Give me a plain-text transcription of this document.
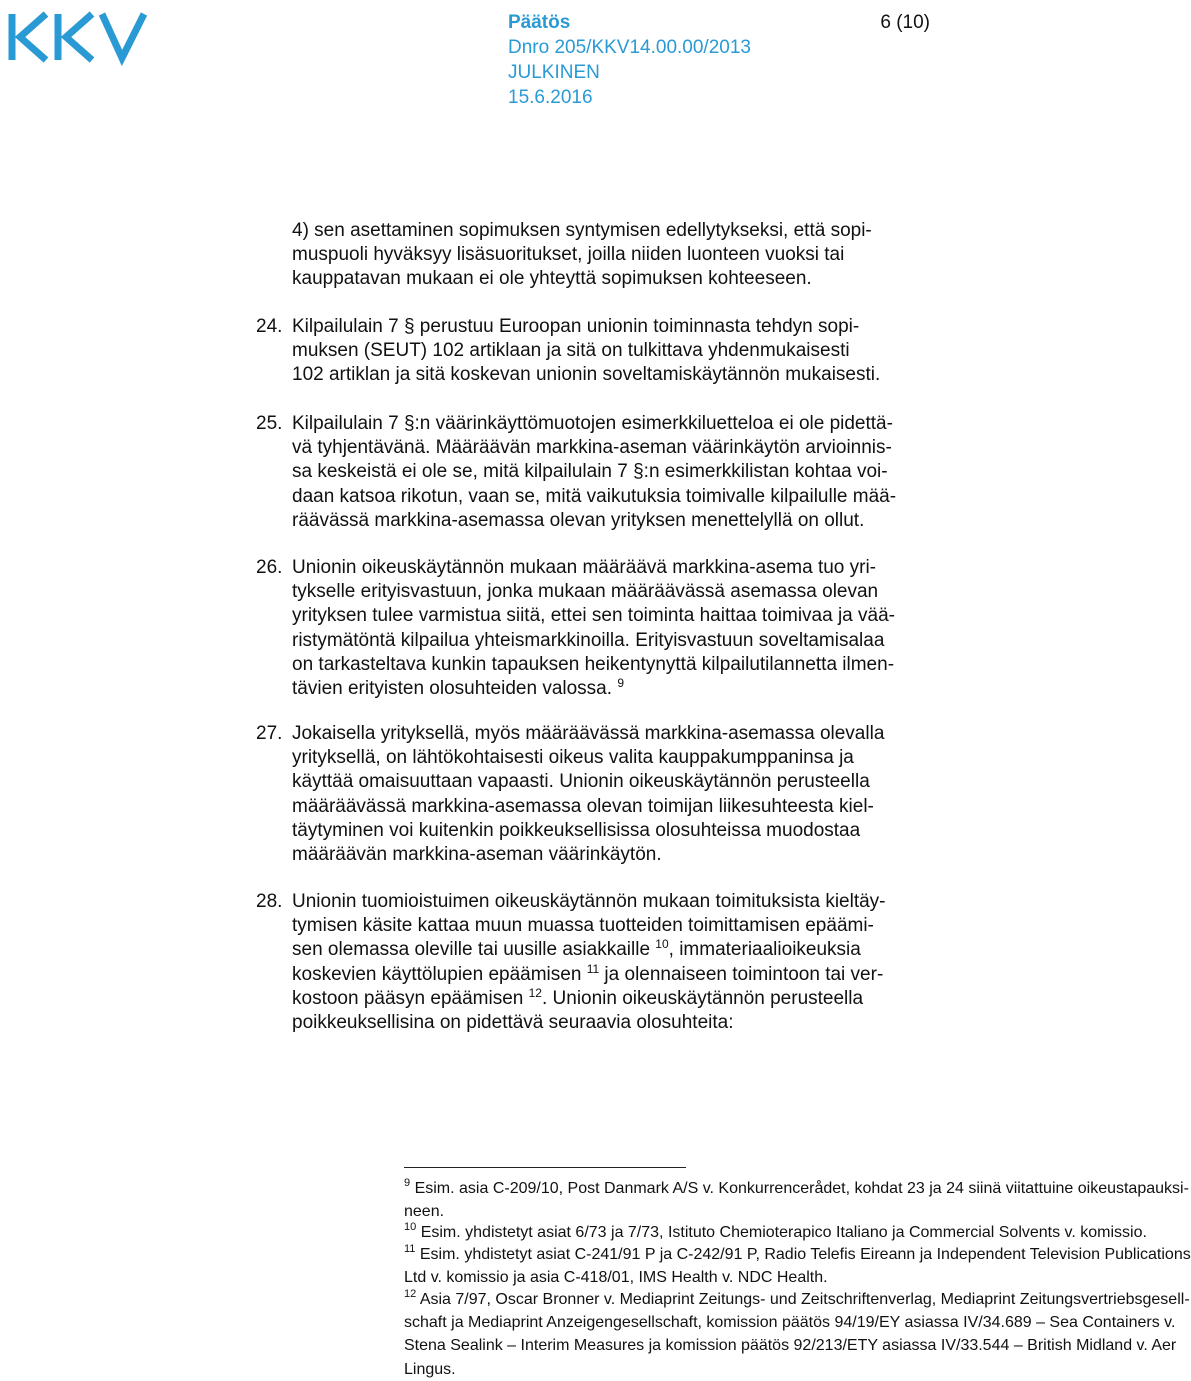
Päätös	6 (10)
Dnro 205/KKV14.00.00/2013
JULKINEN
15.6.2016
4) sen asettaminen sopimuksen syntymisen edellytykseksi, että sopi-
muspuoli hyväksyy lisäsuoritukset, joilla niiden luonteen vuoksi tai
kauppatavan mukaan ei ole yhteyttä sopimuksen kohteeseen.
24. Kilpailulain 7 § perustuu Euroopan unionin toiminnasta tehdyn sopi-
muksen (SEUT) 102 artiklaan ja sitä on tulkittava yhdenmukaisesti
102 artiklan ja sitä koskevan unionin soveltamiskäytännön mukaisesti.
25. Kilpailulain 7 §:n väärinkäyttömuotojen esimerkkiluetteloa ei ole pidettä-
vä tyhjentävänä. Määräävän markkina-aseman väärinkäytön arvioinnis-
sa keskeistä ei ole se, mitä kilpailulain 7 §:n esimerkkilistan kohtaa voi-
daan katsoa rikotun, vaan se, mitä vaikutuksia toimivalle kilpailulle mää-
räävässä markkina-asemassa olevan yrityksen menettelyllä on ollut.
26. Unionin oikeuskäytännön mukaan määräävä markkina-asema tuo yri-
tykselle erityisvastuun, jonka mukaan määräävässä asemassa olevan
yrityksen tulee varmistua siitä, ettei sen toiminta haittaa toimivaa ja vää-
ristymätöntä kilpailua yhteismarkkinoilla. Erityisvastuun soveltamisalaa
on tarkasteltava kunkin tapauksen heikentynyttä kilpailutilannetta ilmen-
tävien erityisten olosuhteiden valossa. $^9$
27. Jokaisella yrityksellä, myös määräävässä markkina-asemassa olevalla
yrityksellä, on lähtökohtaisesti oikeus valita kauppakumppaninsa ja
käyttää omaisuuttaan vapaasti. Unionin oikeuskäytännön perusteella
määräävässä markkina-asemassa olevan toimijan liikesuhteesta kiel-
täytyminen voi kuitenkin poikkeuksellisissa olosuhteissa muodostaa
määräävän markkina-aseman väärinkäytön.
28. Unionin tuomioistuimen oikeuskäytännön mukaan toimituksista kieltäy-
tymisen käsite kattaa muun muassa tuotteiden toimittamisen epäämi-
sen olemassa oleville tai uusille asiakkaille $^{10}$, immateriaalioikeuksia
koskevien käyttölupien epäämisen $^{11}$ ja olennaiseen toimintoon tai ver-
kostoon pääsyn epäämisen $^{12}$. Unionin oikeuskäytännön perusteella
poikkeuksellisina on pidettävä seuraavia olosuhteita:
$^9$ Esim. asia C-209/10, Post Danmark A/S v. Konkurrencerådet, kohdat 23 ja 24 siinä viitattuine oikeustapauksi-
neen.
$^{10}$ Esim. yhdistetyt asiat 6/73 ja 7/73, Istituto Chemioterapico Italiano ja Commercial Solvents v. komissio.
$^{11}$ Esim. yhdistetyt asiat C-241/91 P ja C-242/91 P, Radio Telefis Eireann ja Independent Television Publications
Ltd v. komissio ja asia C-418/01, IMS Health v. NDC Health.
$^{12}$ Asia 7/97, Oscar Bronner v. Mediaprint Zeitungs- und Zeitschriftenverlag, Mediaprint Zeitungsvertriebsgesell-
schaft ja Mediaprint Anzeigengesellschaft, komission päätös 94/19/EY asiassa IV/34.689 – Sea Containers v.
Stena Sealink – Interim Measures ja komission päätös 92/213/ETY asiassa IV/33.544 – British Midland v. Aer
Lingus.
